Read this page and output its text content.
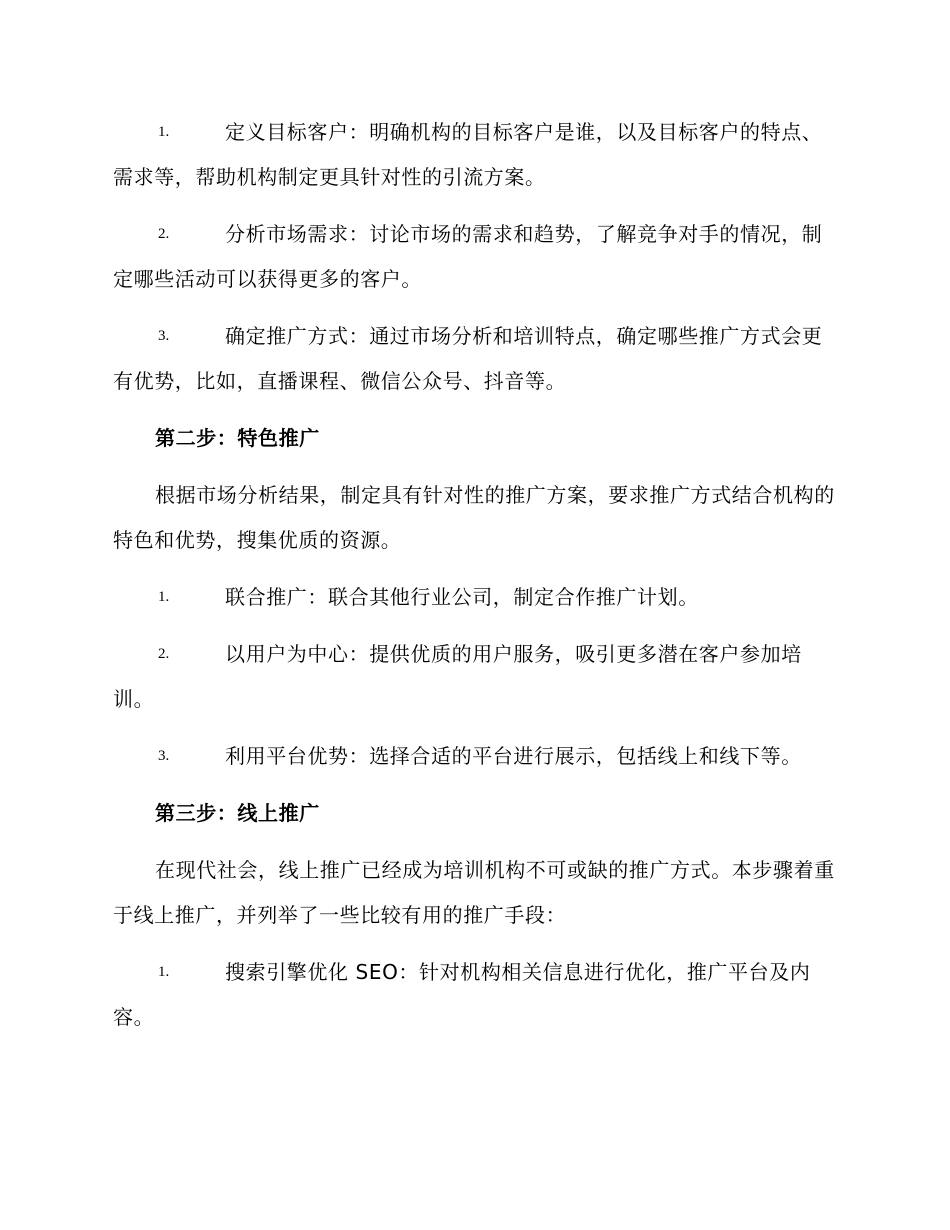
1.	定义目标客户：明确机构的目标客户是谁，以及目标客户的特点、需求等，帮助机构制定更具针对性的引流方案。
2.	分析市场需求：讨论市场的需求和趋势，了解竞争对手的情况，制定哪些活动可以获得更多的客户。
3.	确定推广方式：通过市场分析和培训特点，确定哪些推广方式会更有优势，比如，直播课程、微信公众号、抖音等。
第二步：特色推广
根据市场分析结果，制定具有针对性的推广方案，要求推广方式结合机构的特色和优势，搜集优质的资源。
1.	联合推广：联合其他行业公司，制定合作推广计划。
2.	以用户为中心：提供优质的用户服务，吸引更多潜在客户参加培训。
3.	利用平台优势：选择合适的平台进行展示，包括线上和线下等。
第三步：线上推广
在现代社会，线上推广已经成为培训机构不可或缺的推广方式。本步骤着重于线上推广，并列举了一些比较有用的推广手段：
1.	搜索引擎优化 SEO：针对机构相关信息进行优化，推广平台及内容。
